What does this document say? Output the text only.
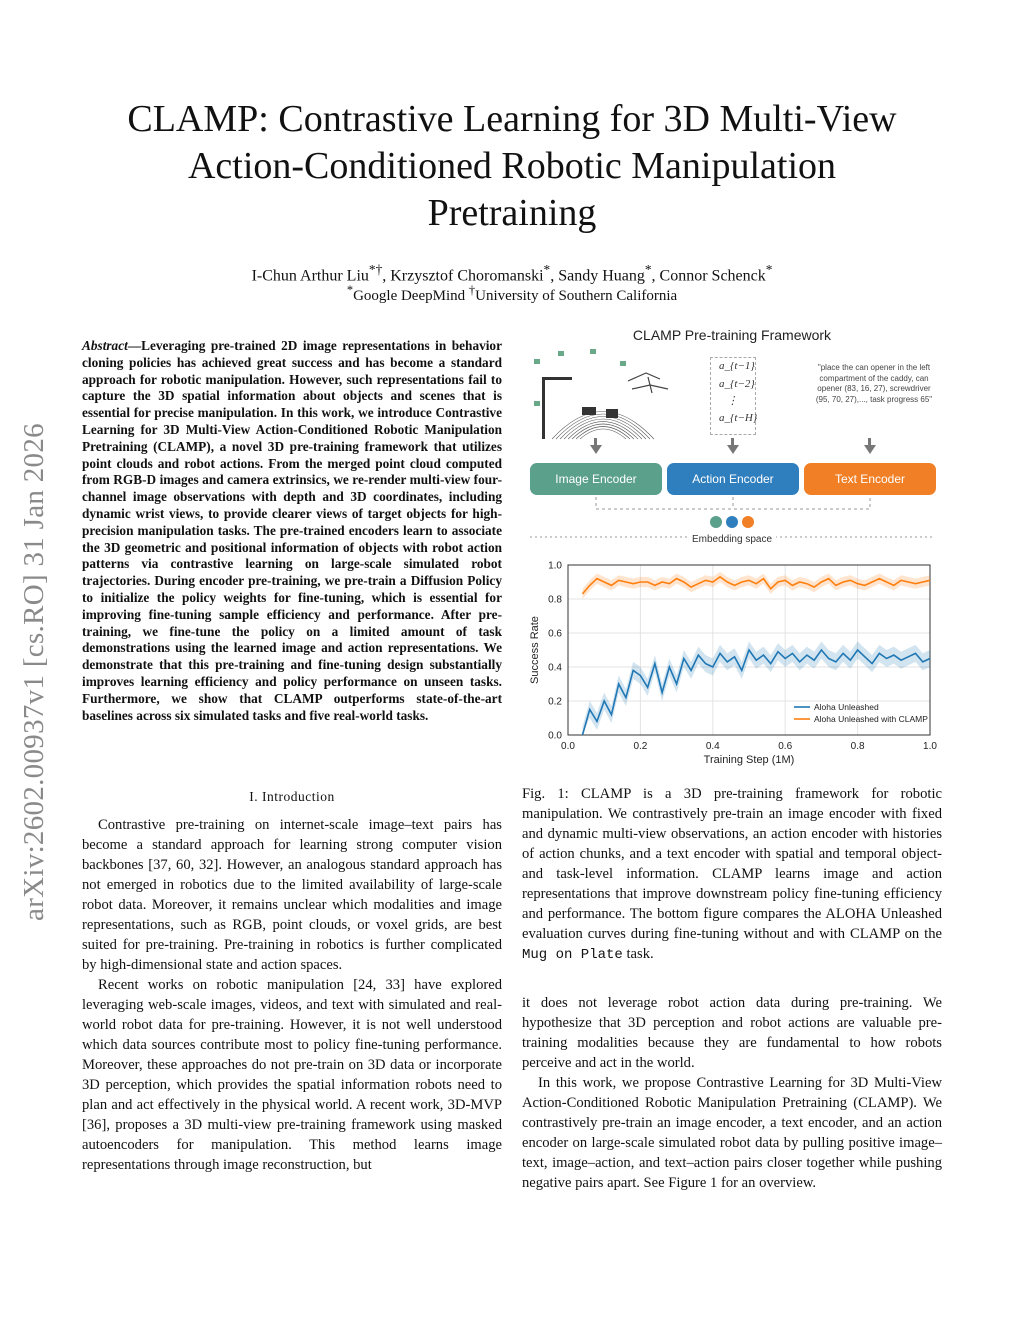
arXiv:2602.00937v1 [cs.RO] 31 Jan 2026
CLAMP: Contrastive Learning for 3D Multi-View Action-Conditioned Robotic Manipulation Pretraining
I-Chun Arthur Liu*†, Krzysztof Choromanski*, Sandy Huang*, Connor Schenck*
*Google DeepMind †University of Southern California
Abstract—Leveraging pre-trained 2D image representations in behavior cloning policies has achieved great success and has become a standard approach for robotic manipulation. However, such representations fail to capture the 3D spatial information about objects and scenes that is essential for precise manipulation. In this work, we introduce Contrastive Learning for 3D Multi-View Action-Conditioned Robotic Manipulation Pretraining (CLAMP), a novel 3D pre-training framework that utilizes point clouds and robot actions. From the merged point cloud computed from RGB-D images and camera extrinsics, we re-render multi-view four-channel image observations with depth and 3D coordinates, including dynamic wrist views, to provide clearer views of target objects for high-precision manipulation tasks. The pre-trained encoders learn to associate the 3D geometric and positional information of objects with robot action patterns via contrastive learning on large-scale simulated robot trajectories. During encoder pre-training, we pre-train a Diffusion Policy to initialize the policy weights for fine-tuning, which is essential for improving fine-tuning sample efficiency and performance. After pre-training, we fine-tune the policy on a limited amount of task demonstrations using the learned image and action representations. We demonstrate that this pre-training and fine-tuning design substantially improves learning efficiency and policy performance on unseen tasks. Furthermore, we show that CLAMP outperforms state-of-the-art baselines across six simulated tasks and five real-world tasks.
I. Introduction

Contrastive pre-training on internet-scale image–text pairs has become a standard approach for learning strong computer vision backbones [37, 60, 32]. However, an analogous standard approach has not emerged in robotics due to the limited availability of large-scale robot data. Moreover, it remains unclear which modalities and image representations, such as RGB, point clouds, or voxel grids, are best suited for pre-training. Pre-training in robotics is further complicated by high-dimensional state and action spaces.

Recent works on robotic manipulation [24, 33] have explored leveraging web-scale images, videos, and text with simulated and real-world robot data for pre-training. However, it is not well understood which data sources contribute most to policy fine-tuning performance. Moreover, these approaches do not pre-train on 3D data or incorporate 3D perception, which provides the spatial information robots need to plan and act effectively in the physical world. A recent work, 3D-MVP [36], proposes a 3D multi-view pre-training framework using masked autoencoders for manipulation. This method learns image representations through image reconstruction, but

CLAMP Pre-training Framework
a_{t−1}
a_{t−2}
⋮
a_{t−H}
"place the can opener in the left compartment of the caddy, can opener (83, 16, 27), screwdriver (95, 70, 27),..., task progress 65"
Image Encoder	Action Encoder	Text Encoder
Embedding space
0.0
0.2
0.4
0.6
0.8
1.0
0.0	0.2	0.4	0.6	0.8	1.0
Training Step (1M)
Success Rate
Aloha Unleashed
Aloha Unleashed with CLAMP
Fig. 1: CLAMP is a 3D pre-training framework for robotic manipulation. We contrastively pre-train an image encoder with fixed and dynamic multi-view observations, an action encoder with histories of action chunks, and a text encoder with spatial and temporal object- and task-level information. CLAMP learns image and action representations that improve downstream policy fine-tuning efficiency and performance. The bottom figure compares the ALOHA Unleashed evaluation curves during fine-tuning without and with CLAMP on the Mug on Plate task.

it does not leverage robot action data during pre-training. We hypothesize that 3D perception and robot actions are valuable pre-training modalities because they are fundamental to how robots perceive and act in the world.

In this work, we propose Contrastive Learning for 3D Multi-View Action-Conditioned Robotic Manipulation Pretraining (CLAMP). We contrastively pre-train an image encoder, a text encoder, and an action encoder on large-scale simulated robot data by pulling positive image–text, image–action, and text–action pairs closer together while pushing negative pairs apart. See Figure 1 for an overview.
